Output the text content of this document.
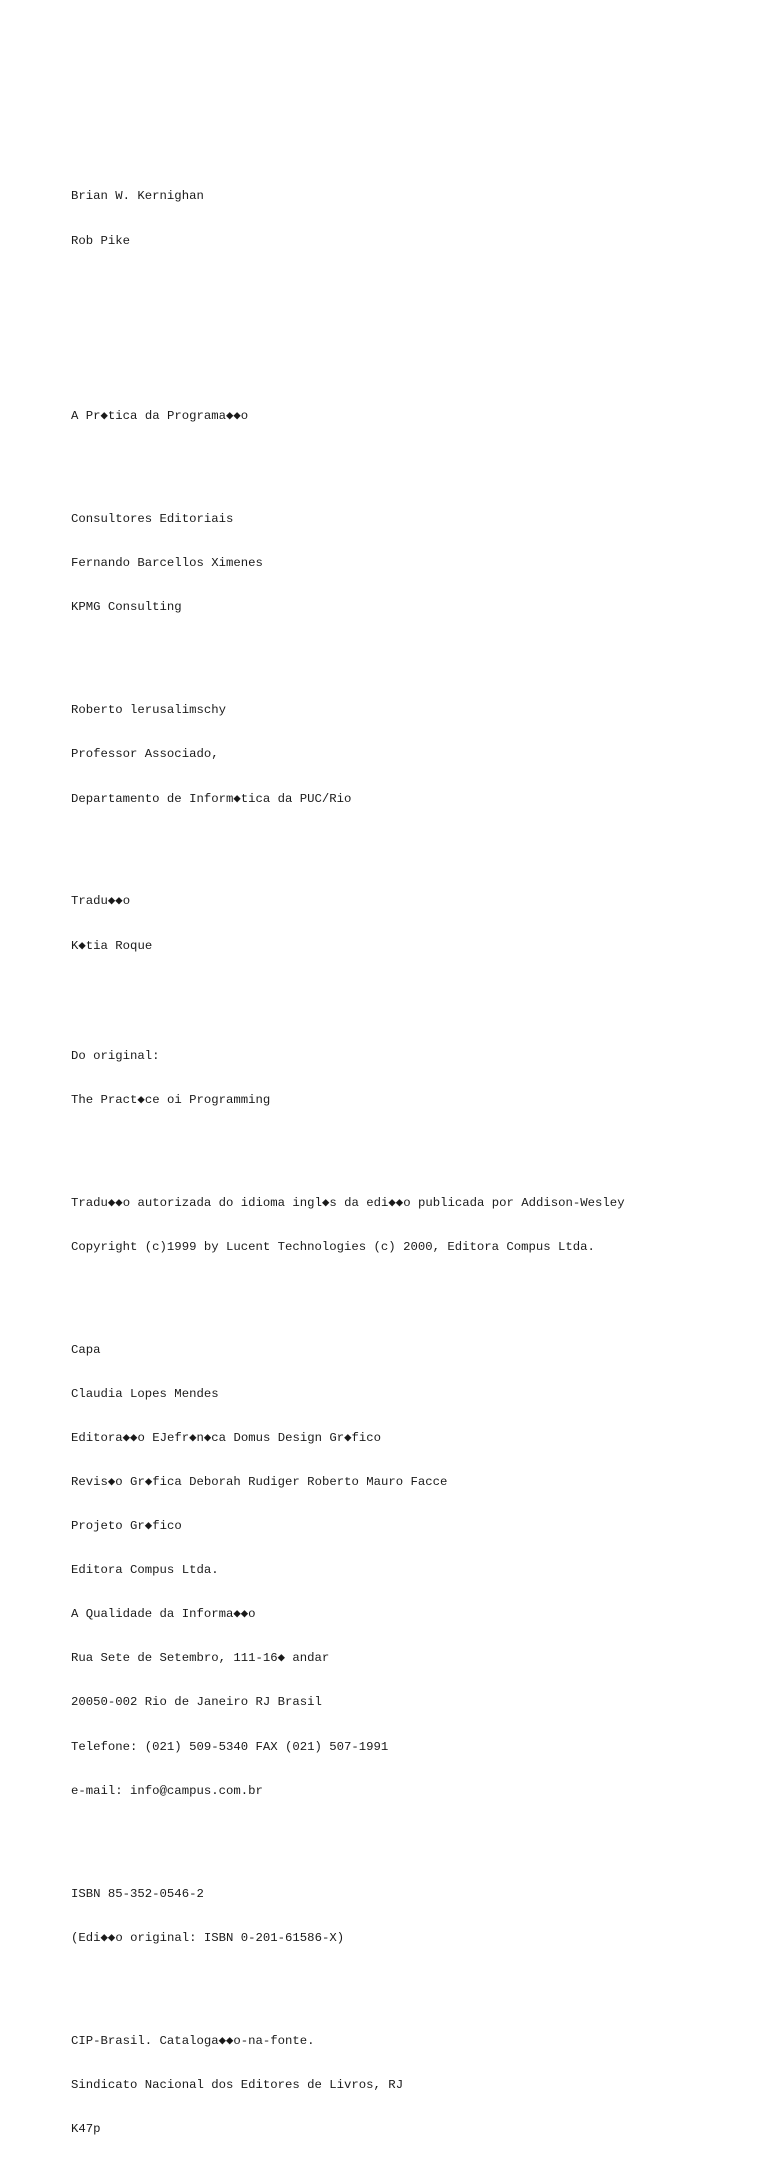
Brian W. Kernighan

Rob Pike

A Pr◆tica da Programa◆◆o

Consultores Editoriais

Fernando Barcellos Ximenes

KPMG Consulting

Roberto lerusalimschy

Professor Associado,

Departamento de Inform◆tica da PUC/Rio

Tradu◆◆o

K◆tia Roque

Do original:

The Pract◆ce oi Programming

Tradu◆◆o autorizada do idioma ingl◆s da edi◆◆o publicada por Addison-Wesley

Copyright (c)1999 by Lucent Technologies (c) 2000, Editora Compus Ltda.

Capa

Claudia Lopes Mendes

Editora◆◆o EJefr◆n◆ca Domus Design Gr◆fico

Revis◆o Gr◆fica Deborah Rudiger Roberto Mauro Facce

Projeto Gr◆fico

Editora Compus Ltda.

A Qualidade da Informa◆◆o

Rua Sete de Setembro, 111-16◆ andar

20050-002 Rio de Janeiro RJ Brasil

Telefone: (021) 509-5340 FAX (021) 507-1991

e-mail: info@campus.com.br

ISBN 85-352-0546-2

(Edi◆◆o original: ISBN 0-201-61586-X)

CIP-Brasil. Cataloga◆◆o-na-fonte.

Sindicato Nacional dos Editores de Livros, RJ

K47p
